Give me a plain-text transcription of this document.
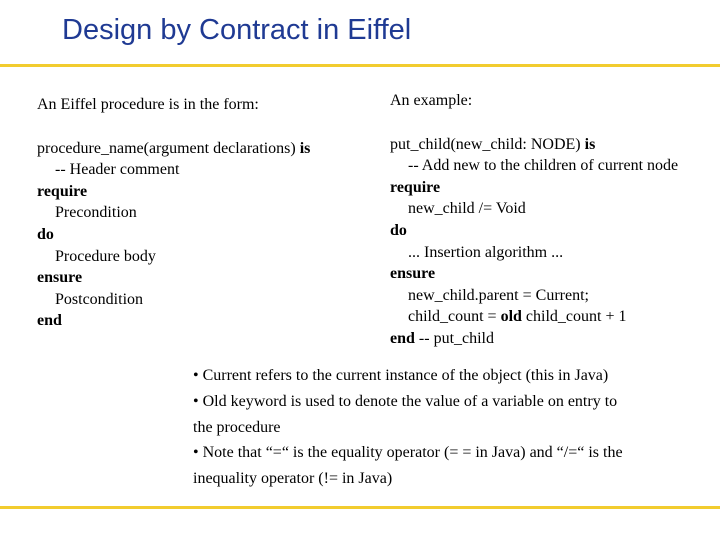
Design by Contract in Eiffel
An Eiffel procedure is in the form:
procedure_name(argument declarations) is
-- Header comment
require
Precondition
do
Procedure body
ensure
Postcondition
end
An example:
put_child(new_child: NODE) is
-- Add new to the children of current node
require
new_child /= Void
do
... Insertion algorithm ...
ensure
new_child.parent = Current;
child_count = old child_count + 1
end -- put_child
• Current refers to the current instance of the object (this in Java)
• Old keyword is used to denote the value of a variable on entry to
the procedure
• Note that “=“ is the equality operator (= = in Java) and “/=“ is the
inequality operator (!= in Java)
